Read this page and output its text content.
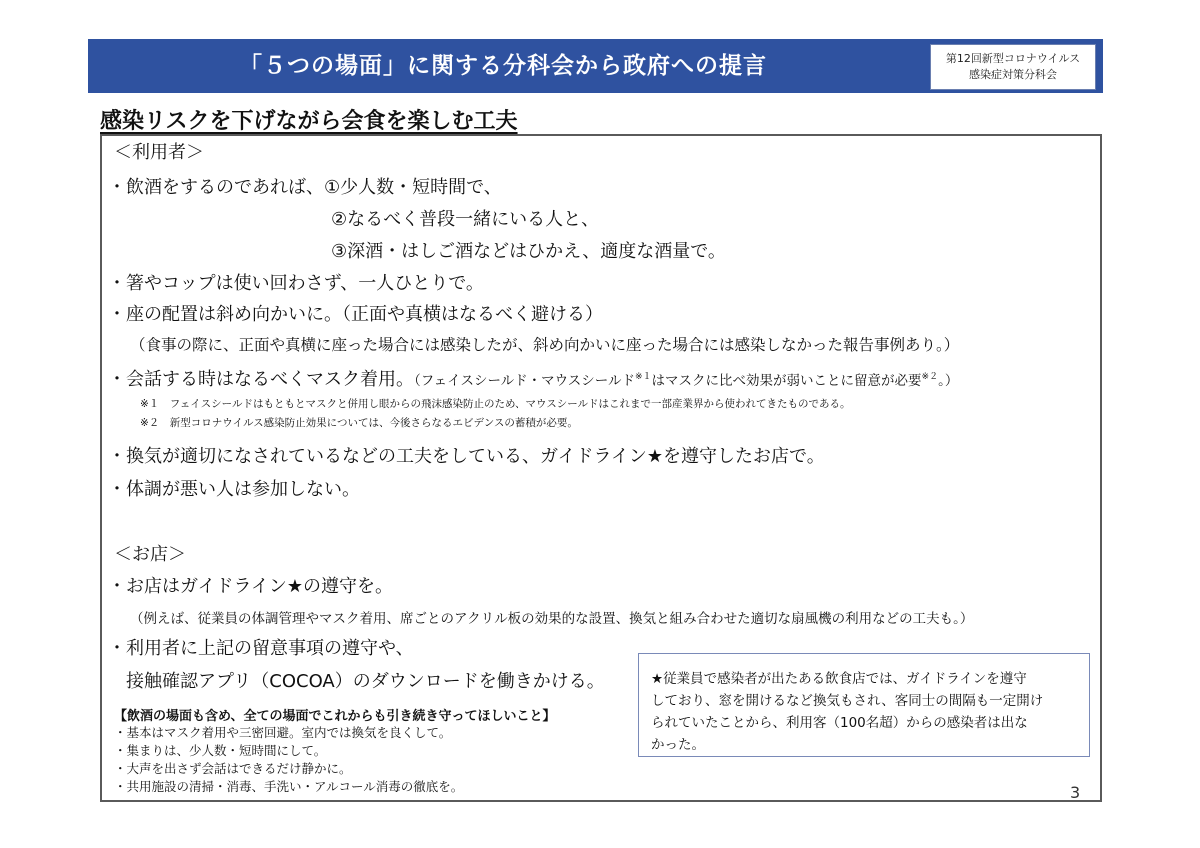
「５つの場面」に関する分科会から政府への提言	第12回新型コロナウイルス
感染症対策分科会
感染リスクを下げながら会食を楽しむ工夫
＜利用者＞
・飲酒をするのであれば、①少人数・短時間で、
②なるべく普段一緒にいる人と、
③深酒・はしご酒などはひかえ、適度な酒量で。
・箸やコップは使い回わさず、一人ひとりで。
・座の配置は斜め向かいに。（正面や真横はなるべく避ける）
（食事の際に、正面や真横に座った場合には感染したが、斜め向かいに座った場合には感染しなかった報告事例あり。）
・会話する時はなるべくマスク着用。（フェイスシールド・マウスシールド$^{※1}$はマスクに比べ効果が弱いことに留意が必要$^{※2}$。）
※１　フェイスシールドはもともとマスクと併用し眼からの飛沫感染防止のため、マウスシールドはこれまで一部産業界から使われてきたものである。
※２　新型コロナウイルス感染防止効果については、今後さらなるエビデンスの蓄積が必要。
・換気が適切になされているなどの工夫をしている、ガイドライン★を遵守したお店で。
・体調が悪い人は参加しない。
＜お店＞
・お店はガイドライン★の遵守を。
（例えば、従業員の体調管理やマスク着用、席ごとのアクリル板の効果的な設置、換気と組み合わせた適切な扇風機の利用などの工夫も。）
・利用者に上記の留意事項の遵守や、
接触確認アプリ（COCOA）のダウンロードを働きかける。	★従業員で感染者が出たある飲食店では、ガイドラインを遵守
しており、窓を開けるなど換気もされ、客同士の間隔も一定開け
られていたことから、利用客（100名超）からの感染者は出な
かった。
【飲酒の場面も含め、全ての場面でこれからも引き続き守ってほしいこと】
・基本はマスク着用や三密回避。室内では換気を良くして。
・集まりは、少人数・短時間にして。
・大声を出さず会話はできるだけ静かに。
・共用施設の清掃・消毒、手洗い・アルコール消毒の徹底を。	3
